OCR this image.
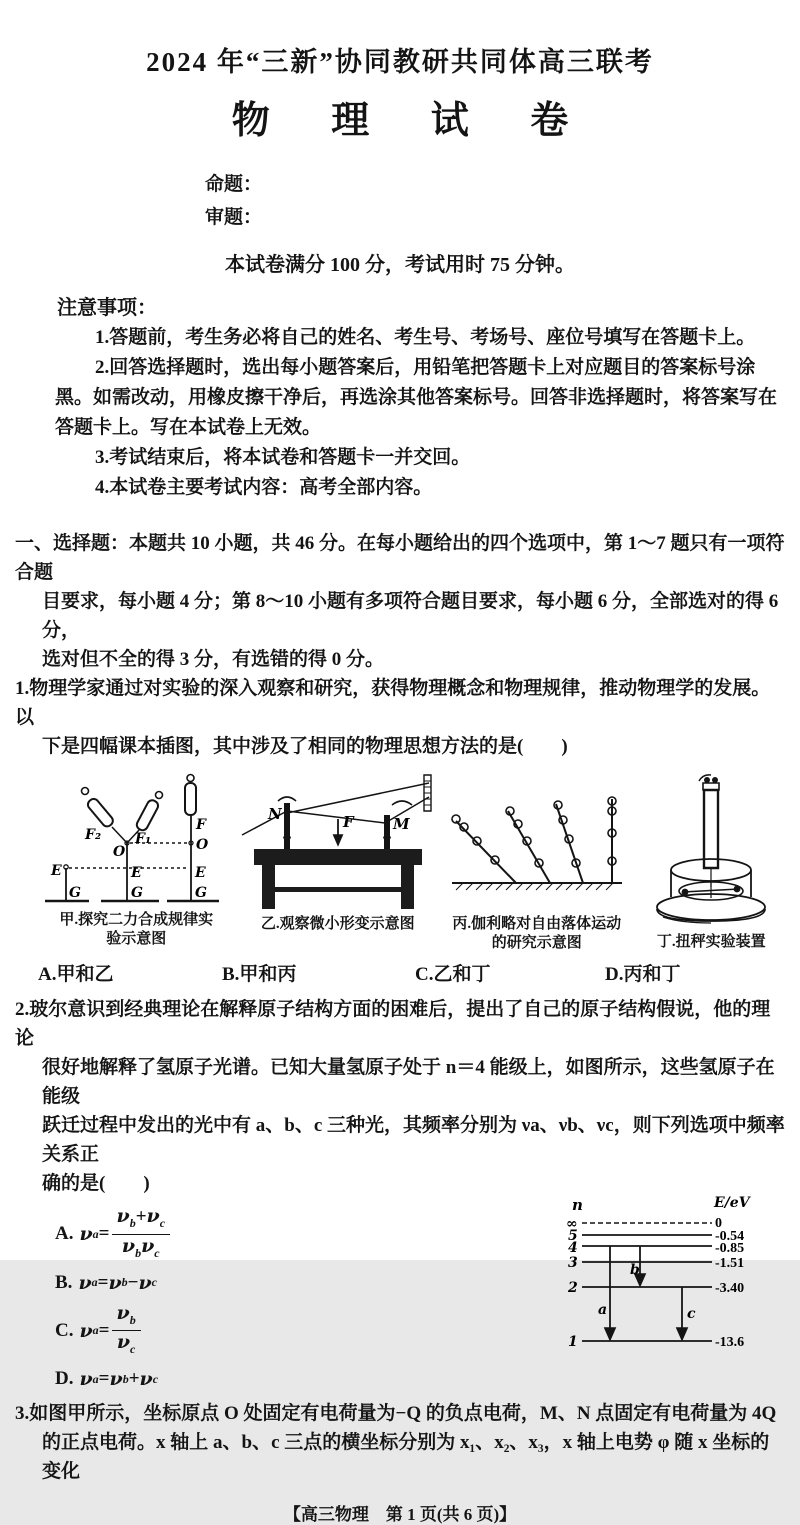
2024 年“三新”协同教研共同体高三联考
物 理 试 卷
命题：
审题：
本试卷满分 100 分，考试用时 75 分钟。
注意事项：
1.答题前，考生务必将自己的姓名、考生号、考场号、座位号填写在答题卡上。
2.回答选择题时，选出每小题答案后，用铅笔把答题卡上对应题目的答案标号涂
黑。如需改动，用橡皮擦干净后，再选涂其他答案标号。回答非选择题时，将答案写在
答题卡上。写在本试卷上无效。
3.考试结束后，将本试卷和答题卡一并交回。
4.本试卷主要考试内容：高考全部内容。
一、选择题：本题共 10 小题，共 46 分。在每小题给出的四个选项中，第 1～7 题只有一项符合题
目要求，每小题 4 分；第 8～10 小题有多项符合题目要求，每小题 6 分，全部选对的得 6 分，
选对但不全的得 3 分，有选错的得 0 分。
1.物理学家通过对实验的深入观察和研究，获得物理概念和物理规律，推动物理学的发展。以
下是四幅课本插图，其中涉及了相同的物理思想方法的是(　　)
F₂ F₁
O
E	E	E
G	G	G
F
O
甲.探究二力合成规律实
验示意图
N
M
F
乙.观察微小形变示意图	丙.伽利略对自由落体运动
的研究示意图	丁.扭秤实验装置
A.甲和乙	B.甲和丙	C.乙和丁	D.丙和丁
2.玻尔意识到经典理论在解释原子结构方面的困难后，提出了自己的原子结构假说，他的理论
很好地解释了氢原子光谱。已知大量氢原子处于 n＝4 能级上，如图所示，这些氢原子在能级
跃迁过程中发出的光中有 a、b、c 三种光，其频率分别为 νa、νb、νc，则下列选项中频率关系正
确的是(　　)
A. ν $a = \frac{\nu_b+\nu_c}{\nu_b\nu_c}$
B. ν a = ν b − ν c
C. ν $a = \frac{\nu_b}{\nu_c}$
D. ν a = ν b + ν c
n	E/eV
∞
5
4
3
2
1
0
-0.54
-0.85
-1.51
-3.40
-13.6
a
b
c
3.如图甲所示，坐标原点 O 处固定有电荷量为−Q 的负点电荷，M、N 点固定有电荷量为 4Q
的正点电荷。x 轴上 a、b、c 三点的横坐标分别为 x₁、x₂、x₃，x 轴上电势 φ 随 x 坐标的变化
【高三物理　第 1 页(共 6 页)】
